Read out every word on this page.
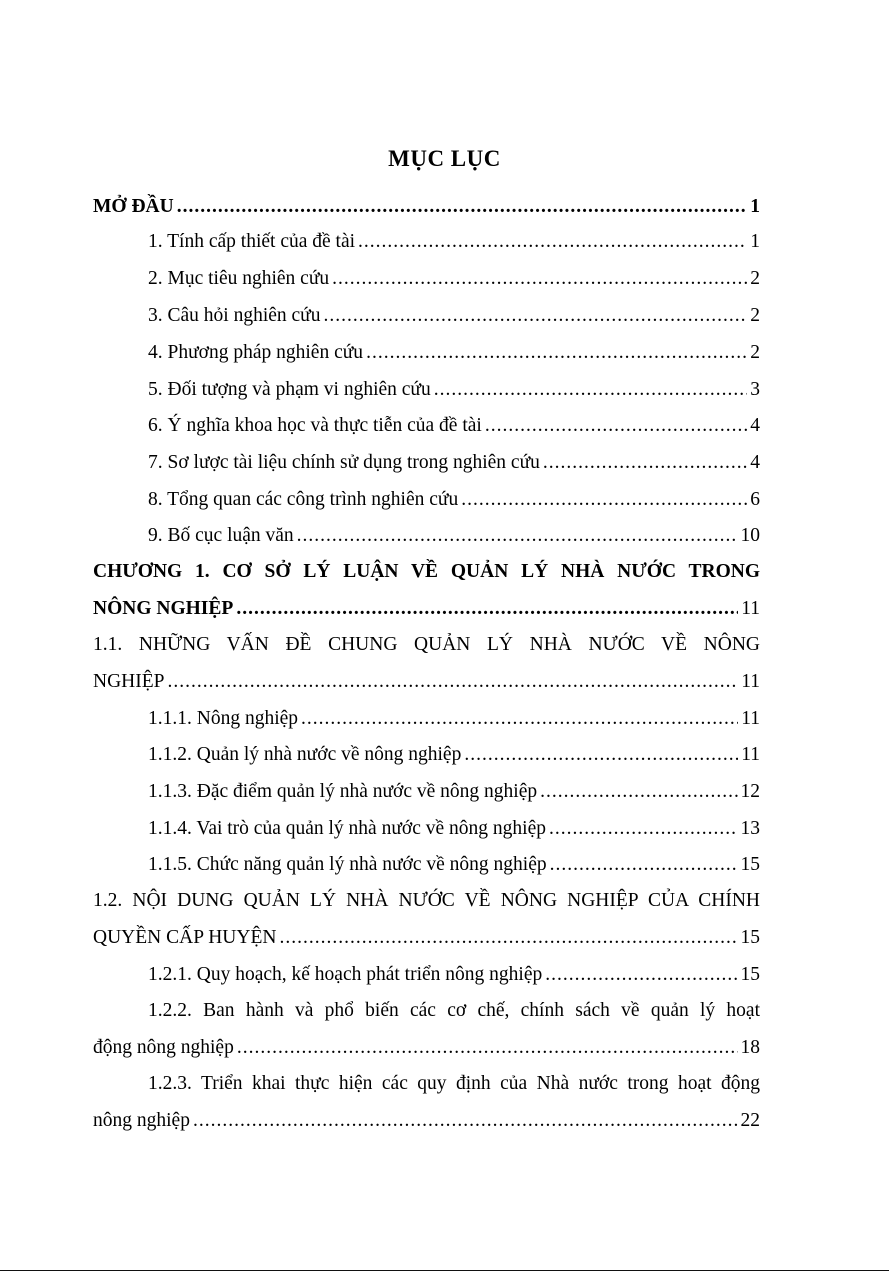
MỤC LỤC
MỞ ĐẦU .....	1
1. Tính cấp thiết của đề tài .....	1
2. Mục tiêu nghiên cứu .....	2
3. Câu hỏi nghiên cứu .....	2
4. Phương pháp nghiên cứu .....	2
5. Đối tượng và phạm vi nghiên cứu .....	3
6. Ý nghĩa khoa học và thực tiễn của đề tài .....	4
7. Sơ lược tài liệu chính sử dụng trong nghiên cứu .....	4
8. Tổng quan các công trình nghiên cứu .....	6
9. Bố cục luận văn .....	10
CHƯƠNG 1. CƠ SỞ LÝ LUẬN VỀ QUẢN LÝ NHÀ NƯỚC TRONG
NÔNG NGHIỆP .....	11
1.1. NHỮNG VẤN ĐỀ CHUNG QUẢN LÝ NHÀ NƯỚC VỀ NÔNG
NGHIỆP .....	11
1.1.1. Nông nghiệp .....	11
1.1.2. Quản lý nhà nước về nông nghiệp .....	11
1.1.3. Đặc điểm quản lý nhà nước về nông nghiệp .....	12
1.1.4. Vai trò của quản lý nhà nước về nông nghiệp .....	13
1.1.5. Chức năng quản lý nhà nước về nông nghiệp .....	15
1.2. NỘI DUNG QUẢN LÝ NHÀ NƯỚC VỀ NÔNG NGHIỆP CỦA CHÍNH
QUYỀN CẤP HUYỆN .....	15
1.2.1. Quy hoạch, kế hoạch phát triển nông nghiệp .....	15
1.2.2. Ban hành và phổ biến các cơ chế, chính sách về quản lý hoạt
động nông nghiệp .....	18
1.2.3. Triển khai thực hiện các quy định của Nhà nước trong hoạt động
nông nghiệp .....	22
